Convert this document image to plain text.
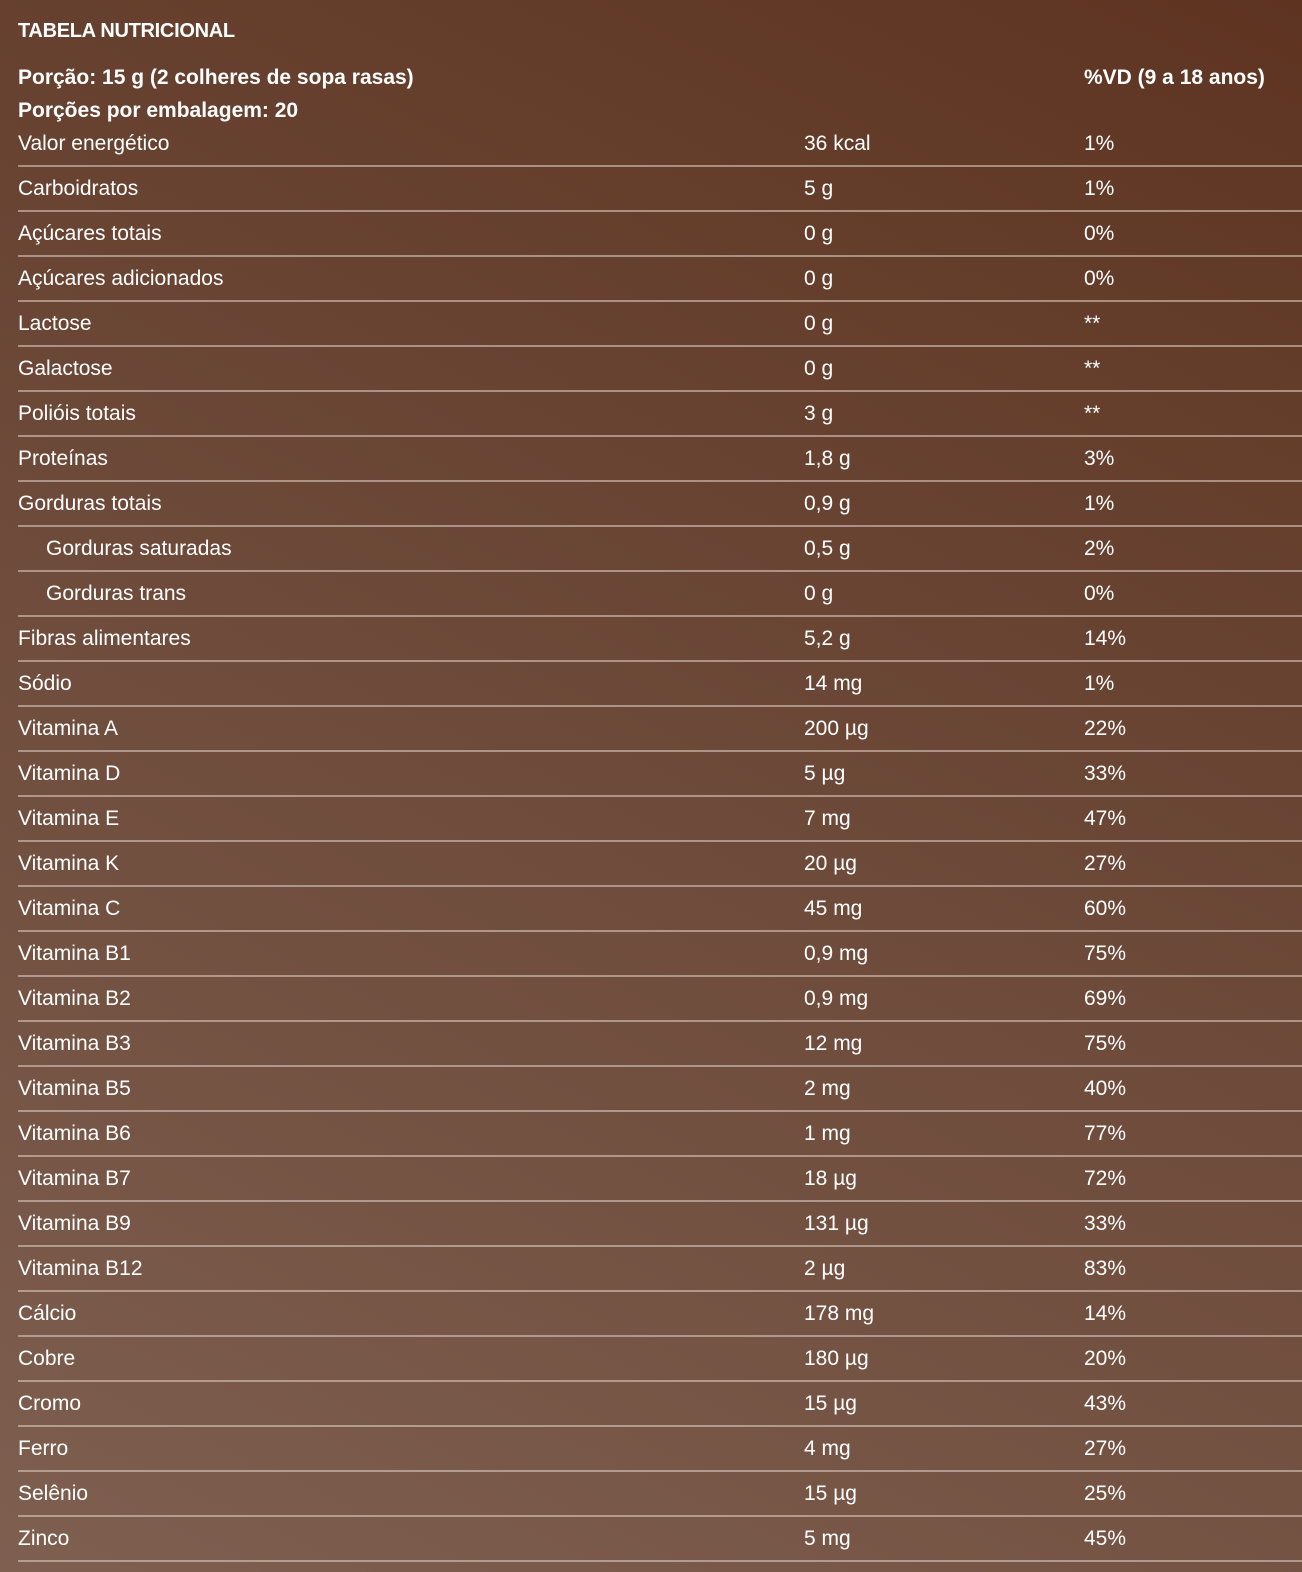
TABELA NUTRICIONAL
Porção: 15 g (2 colheres de sopa rasas)
Porções por embalagem: 20
%VD (9 a 18 anos)
Valor energético	36 kcal	1%
Carboidratos	5 g	1%
Açúcares totais	0 g	0%
Açúcares adicionados	0 g	0%
Lactose	0 g	**
Galactose	0 g	**
Polióis totais	3 g	**
Proteínas	1,8 g	3%
Gorduras totais	0,9 g	1%
Gorduras saturadas	0,5 g	2%
Gorduras trans	0 g	0%
Fibras alimentares	5,2 g	14%
Sódio	14 mg	1%
Vitamina A	200 µg	22%
Vitamina D	5 µg	33%
Vitamina E	7 mg	47%
Vitamina K	20 µg	27%
Vitamina C	45 mg	60%
Vitamina B1	0,9 mg	75%
Vitamina B2	0,9 mg	69%
Vitamina B3	12 mg	75%
Vitamina B5	2 mg	40%
Vitamina B6	1 mg	77%
Vitamina B7	18 µg	72%
Vitamina B9	131 µg	33%
Vitamina B12	2 µg	83%
Cálcio	178 mg	14%
Cobre	180 µg	20%
Cromo	15 µg	43%
Ferro	4 mg	27%
Selênio	15 µg	25%
Zinco	5 mg	45%
